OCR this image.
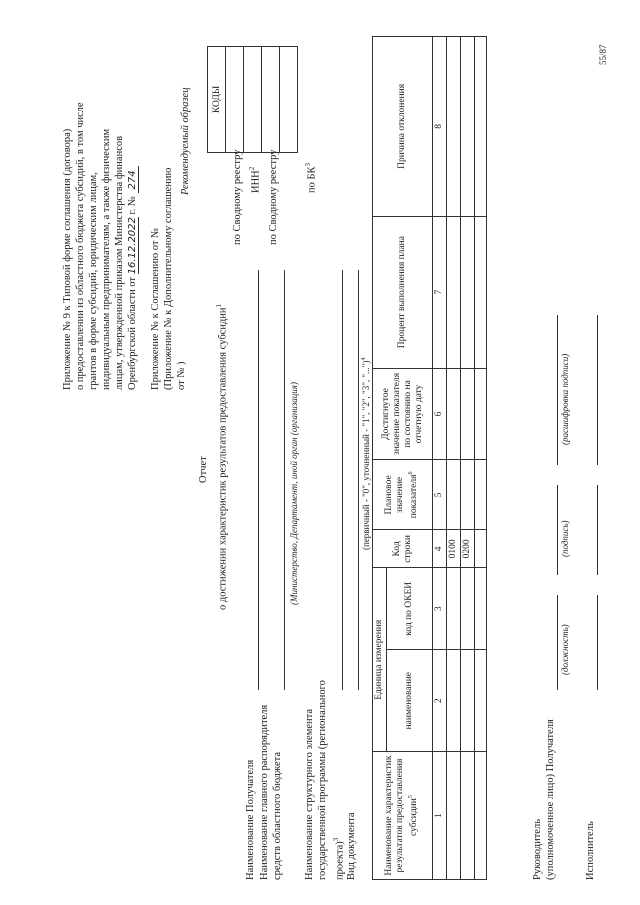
Приложение № 9 к Типовой форме соглашения (договора) о предоставлении из областного бюджета субсидий, в том числе грантов в форме субсидий, юридическим лицам, индивидуальным предпринимателям, а также физическим лицам, утвержденной приказом Министерства финансов Оренбургской области от 16.12.2022 г. № 274
Приложение № к Соглашению от № (Приложение № к Дополнительному соглашению от № )
Рекомендуемый образец КОДЫ

по Сводному реестру ИНН$^2$	по Сводному реестру	по $БК^3$
Отчет о достижении характеристик результатов предоставления субсидии$^1$
Наименование Получателя Наименование главного распорядителя средств областного бюджета
(Министерство, Департамент, иной орган (организация)
Наименование структурного элемента государственной программы (регионального проекта)$^3$ Вид документа
(первичный - "0", уточненный - "1", "2", "3", "...")$^4$
Наименование характеристик результатов предоставления субсидии$^5$	Единица измерения		Код строки	Плановое значение показателя$^6$	Достигнутое значение показателя по состоянию на отчетную дату	Процент выполнения плана	Причина отклонения
	наименование	код по ОКЕИ					
1	2	3	4	5	6	7	8
			0100				
			0200				

Руководитель (уполномоченное лицо) Получателя
(должность)
(подпись)
(расшифровка подписи)
Исполнитель
55/87
